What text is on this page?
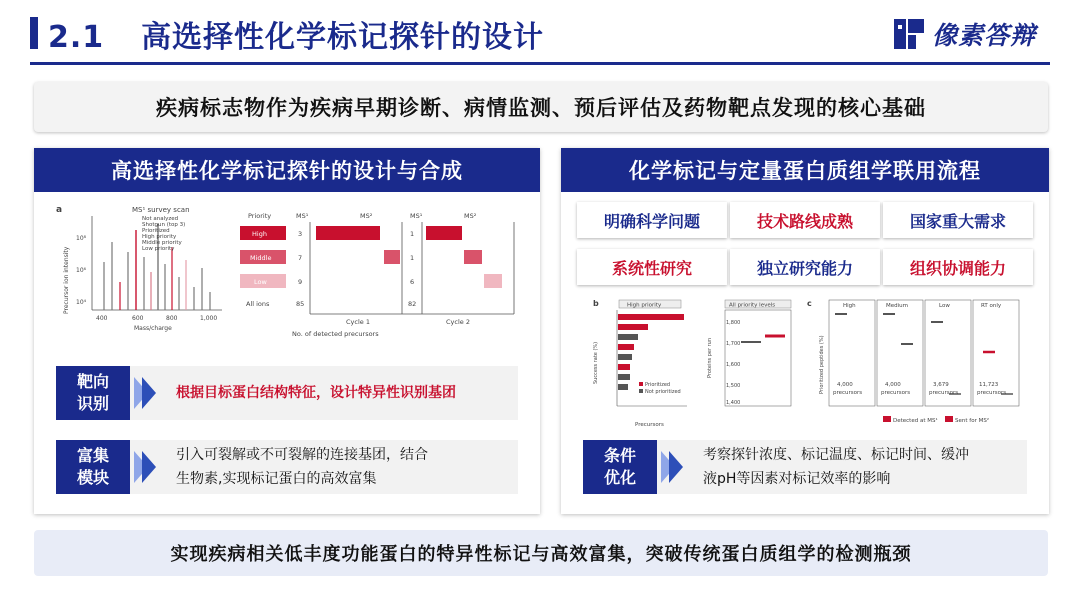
2.1 高选择性化学标记探针的设计	像素答辩
疾病标志物作为疾病早期诊断、病情监测、预后评估及药物靶点发现的核心基础
高选择性化学标记探针的设计与合成
a	MS¹ survey scan
Precursor ion intensity
10⁸
10⁶
10⁴
Not analyzed
Shotgun (top 3)
Prioritized
High priority
Middle priority
Low priority
400	600	800	1,000
Mass/charge
Priority	MS¹	MS²	MS¹	MS²
High	3	1
Middle	7	1
Low	9	6
All ions	85	82
Cycle 1	Cycle 2
No. of detected precursors
靶向识别
根据目标蛋白结构特征，设计特异性识别基团
富集模块
引入可裂解或不可裂解的连接基团，结合
生物素,实现标记蛋白的高效富集
化学标记与定量蛋白质组学联用流程
明确科学问题	技术路线成熟	国家重大需求
系统性研究	独立研究能力	组织协调能力
b	High priority
Success rate (%)
Prioritized
Not prioritized
Precursors
All priority levels
Proteins per run
1,800
1,700
1,600
1,500
1,400
c
Prioritized peptides (%)
High	Medium	Low	RT only
4,000	4,000	3,679	11,723
precursors	precursors	precursors	precursors
Detected at MS¹	Sent for MS²
条件优化
考察探针浓度、标记温度、标记时间、缓冲
液pH等因素对标记效率的影响
实现疾病相关低丰度功能蛋白的特异性标记与高效富集，突破传统蛋白质组学的检测瓶颈
